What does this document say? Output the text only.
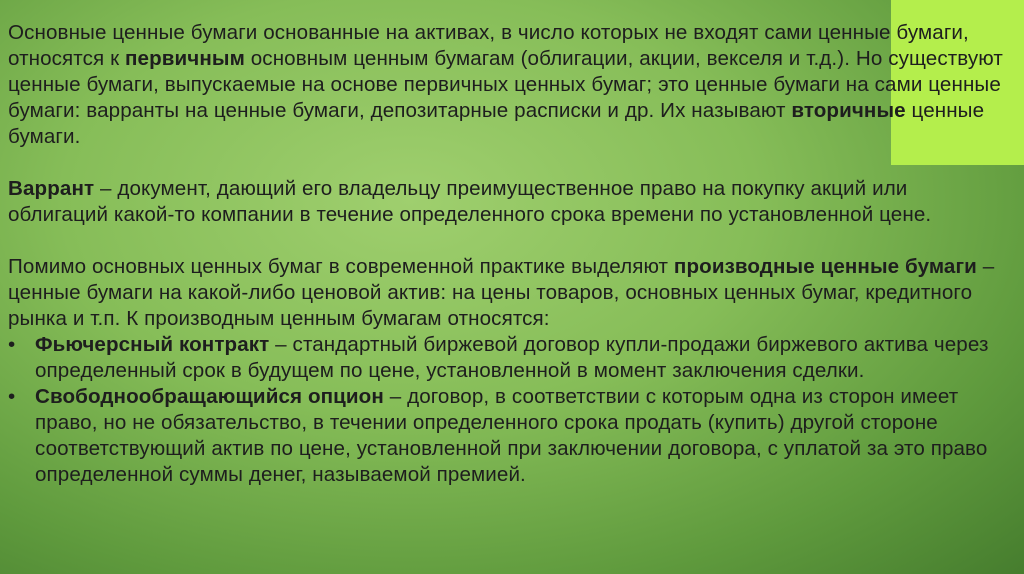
Основные ценные бумаги основанные на активах, в число которых не входят сами ценные бумаги, относятся к первичным основным ценным бумагам (облигации, акции, векселя и т.д.). Но существуют ценные бумаги, выпускаемые на основе первичных ценных бумаг; это ценные бумаги на сами ценные бумаги: варранты на ценные бумаги, депозитарные расписки и др. Их называют вторичные ценные бумаги.

Варрант – документ, дающий его владельцу преимущественное право на покупку акций или облигаций какой-то компании в течение определенного срока времени по установленной цене.

Помимо основных ценных бумаг в современной практике выделяют производные ценные бумаги –ценные бумаги на какой-либо ценовой актив: на цены товаров, основных ценных бумаг, кредитного рынка и т.п. К производным ценным бумагам относятся:

• Фьючерсный контракт – стандартный биржевой договор купли-продажи биржевого актива через определенный срок в будущем по цене, установленной в момент заключения сделки.
• Свободнообращающийся опцион – договор, в соответствии с которым одна из сторон имеет право, но не обязательство, в течении определенного срока продать (купить) другой стороне соответствующий актив по цене, установленной при заключении договора, с уплатой за это право определенной суммы денег, называемой премией.
